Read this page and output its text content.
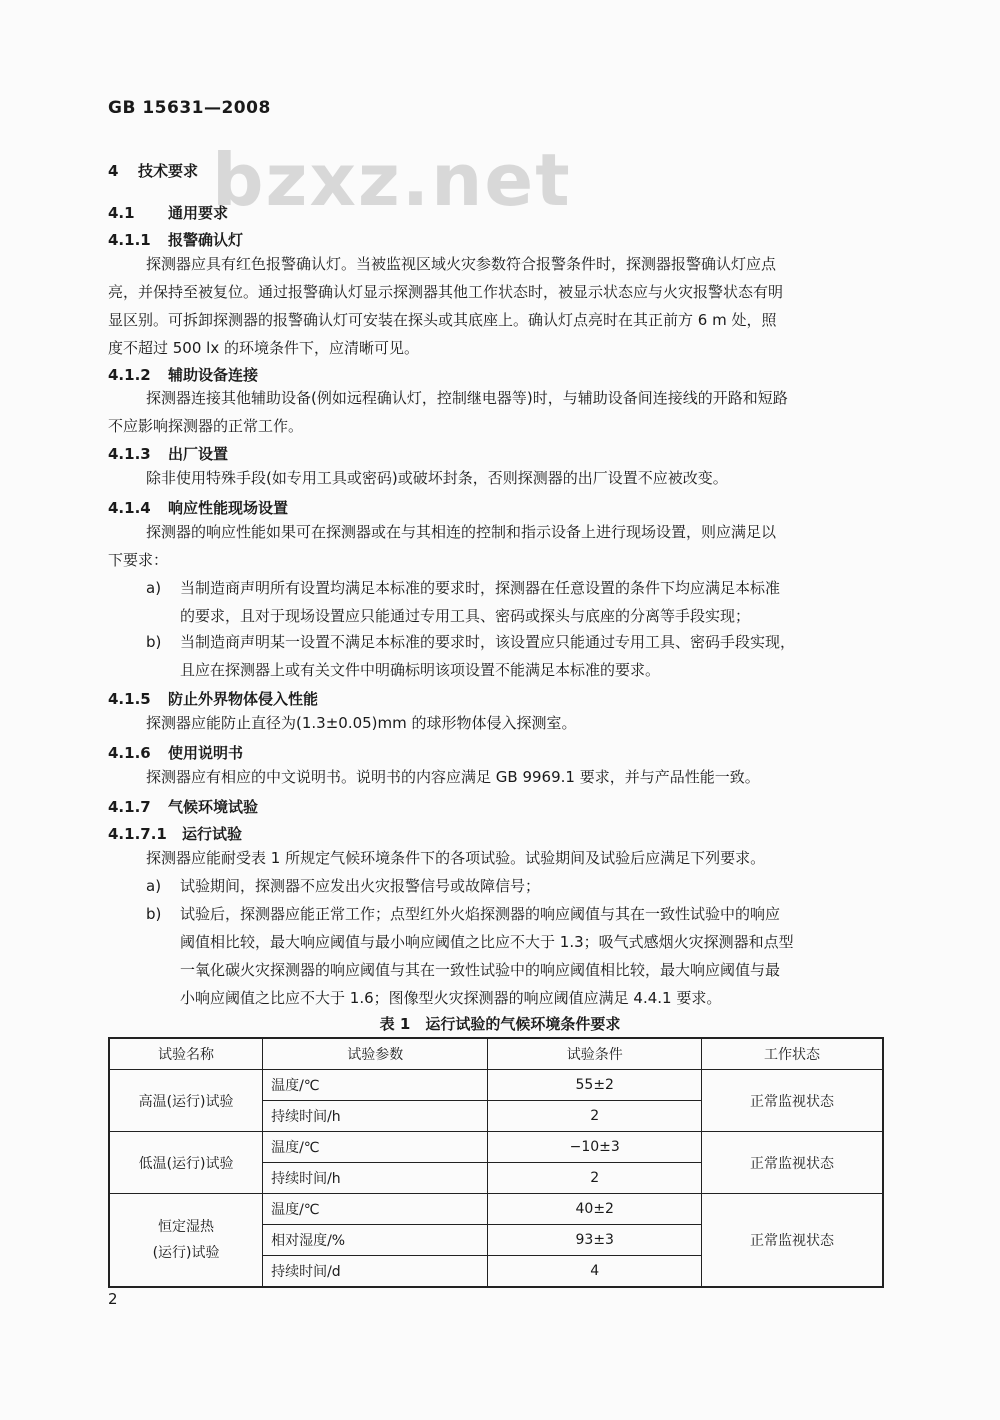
GB 15631—2008
bzxz.net
4 技术要求
4.1 通用要求
4.1.1 报警确认灯
探测器应具有红色报警确认灯。当被监视区域火灾参数符合报警条件时，探测器报警确认灯应点
亮，并保持至被复位。通过报警确认灯显示探测器其他工作状态时，被显示状态应与火灾报警状态有明
显区别。可拆卸探测器的报警确认灯可安装在探头或其底座上。确认灯点亮时在其正前方 6 m 处，照
度不超过 500 lx 的环境条件下，应清晰可见。
4.1.2 辅助设备连接
探测器连接其他辅助设备(例如远程确认灯，控制继电器等)时，与辅助设备间连接线的开路和短路
不应影响探测器的正常工作。
4.1.3 出厂设置
除非使用特殊手段(如专用工具或密码)或破坏封条，否则探测器的出厂设置不应被改变。
4.1.4 响应性能现场设置
探测器的响应性能如果可在探测器或在与其相连的控制和指示设备上进行现场设置，则应满足以
下要求：
a) 当制造商声明所有设置均满足本标准的要求时，探测器在任意设置的条件下均应满足本标准
的要求，且对于现场设置应只能通过专用工具、密码或探头与底座的分离等手段实现；
b) 当制造商声明某一设置不满足本标准的要求时，该设置应只能通过专用工具、密码手段实现，
且应在探测器上或有关文件中明确标明该项设置不能满足本标准的要求。
4.1.5 防止外界物体侵入性能
探测器应能防止直径为(1.3±0.05)mm 的球形物体侵入探测室。
4.1.6 使用说明书
探测器应有相应的中文说明书。说明书的内容应满足 GB 9969.1 要求，并与产品性能一致。
4.1.7 气候环境试验
4.1.7.1 运行试验
探测器应能耐受表 1 所规定气候环境条件下的各项试验。试验期间及试验后应满足下列要求。
a) 试验期间，探测器不应发出火灾报警信号或故障信号；
b) 试验后，探测器应能正常工作；点型红外火焰探测器的响应阈值与其在一致性试验中的响应
阈值相比较，最大响应阈值与最小响应阈值之比应不大于 1.3；吸气式感烟火灾探测器和点型
一氧化碳火灾探测器的响应阈值与其在一致性试验中的响应阈值相比较，最大响应阈值与最
小响应阈值之比应不大于 1.6；图像型火灾探测器的响应阈值应满足 4.4.1 要求。
表 1　运行试验的气候环境条件要求
试验名称	试验参数	试验条件	工作状态
高温(运行)试验	温度/℃	55±2	正常监视状态
	持续时间/h	2	
低温(运行)试验	温度/℃	−10±3	正常监视状态
	持续时间/h	2	

恒定湿热
(运行)试验	温度/℃	40±2	正常监视状态
	相对湿度/%	93±3	
	持续时间/d	4	
2
